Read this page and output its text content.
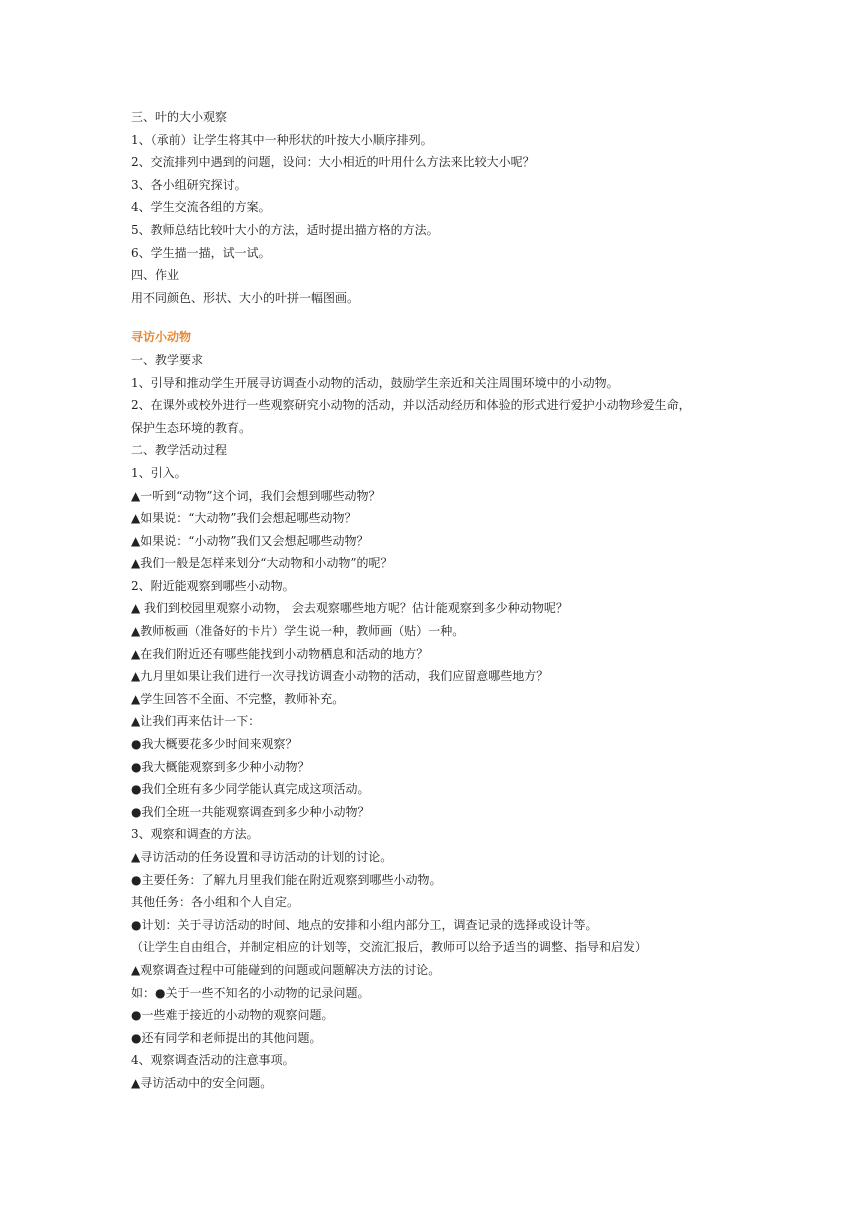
三、叶的大小观察

1、（承前）让学生将其中一种形状的叶按大小顺序排列。

2、交流排列中遇到的问题，设问：大小相近的叶用什么方法来比较大小呢？

3、各小组研究探讨。

4、学生交流各组的方案。

5、教师总结比较叶大小的方法，适时提出描方格的方法。

6、学生描一描，试一试。

四、作业

用不同颜色、形状、大小的叶拼一幅图画。

寻访小动物

一、教学要求

1、引导和推动学生开展寻访调查小动物的活动，鼓励学生亲近和关注周围环境中的小动物。

2、在课外或校外进行一些观察研究小动物的活动，并以活动经历和体验的形式进行爱护小动物珍爱生命，

保护生态环境的教育。

二、教学活动过程

1、引入。

▲一听到“动物”这个词，我们会想到哪些动物？

▲如果说：“大动物”我们会想起哪些动物？

▲如果说：“小动物”我们又会想起哪些动物？

▲我们一般是怎样来划分“大动物和小动物”的呢？

2、附近能观察到哪些小动物。

▲ 我们到校园里观察小动物， 会去观察哪些地方呢？估计能观察到多少种动物呢？

▲教师板画（准备好的卡片）学生说一种，教师画（贴）一种。

▲在我们附近还有哪些能找到小动物栖息和活动的地方？

▲九月里如果让我们进行一次寻找访调查小动物的活动，我们应留意哪些地方？

▲学生回答不全面、不完整，教师补充。

▲让我们再来估计一下：

●我大概要花多少时间来观察？

●我大概能观察到多少种小动物？

●我们全班有多少同学能认真完成这项活动。

●我们全班一共能观察调查到多少种小动物？

3、观察和调查的方法。

▲寻访活动的任务设置和寻访活动的计划的讨论。

●主要任务：了解九月里我们能在附近观察到哪些小动物。

其他任务：各小组和个人自定。

●计划：关于寻访活动的时间、地点的安排和小组内部分工，调查记录的选择或设计等。

（让学生自由组合，并制定相应的计划等，交流汇报后，教师可以给予适当的调整、指导和启发）

▲观察调查过程中可能碰到的问题或问题解决方法的讨论。

如：●关于一些不知名的小动物的记录问题。

●一些难于接近的小动物的观察问题。

●还有同学和老师提出的其他问题。

4、观察调查活动的注意事项。

▲寻访活动中的安全问题。
